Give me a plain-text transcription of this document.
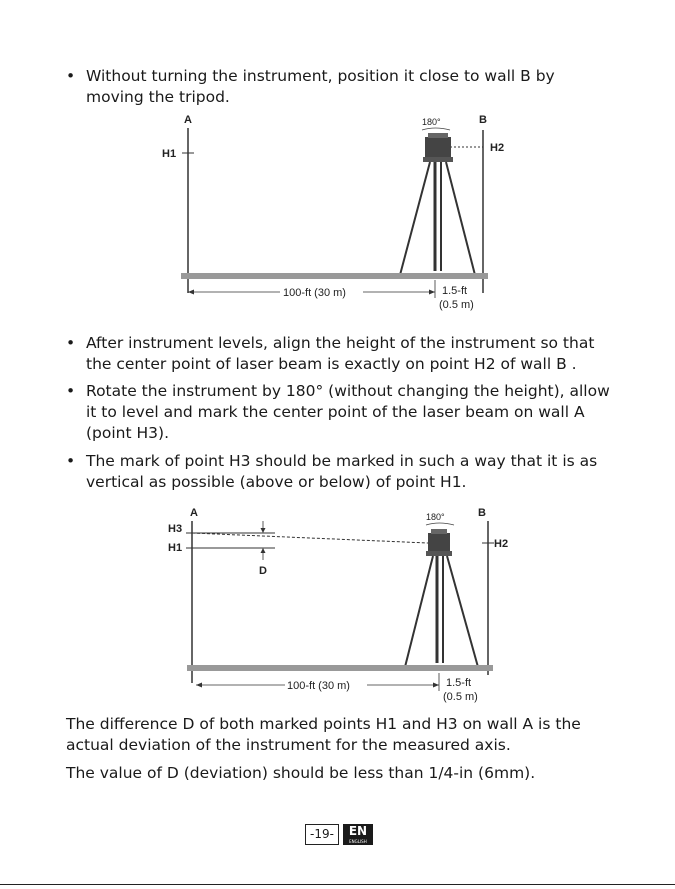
• Without turning the instrument, position it close to wall B by
moving the tripod.
A
H1
B
H2
180°
100-ft (30 m)	1.5-ft
(0.5 m)
• After instrument levels, align the height of the instrument so that
the center point of laser beam is exactly on point H2 of wall B .
• Rotate the instrument by 180° (without changing the height), allow
it to level and mark the center point of the laser beam on wall A
(point H3).
• The mark of point H3 should be marked in such a way that it is as
vertical as possible (above or below) of point H1.
A
H3
H1
D
B
H2
180°
100-ft (30 m)	1.5-ft
(0.5 m)
The difference D of both marked points H1 and H3 on wall A is the
actual deviation of the instrument for the measured axis.
The value of D (deviation) should be less than 1/4-in (6mm).
-19-	EN
ENGLISH
